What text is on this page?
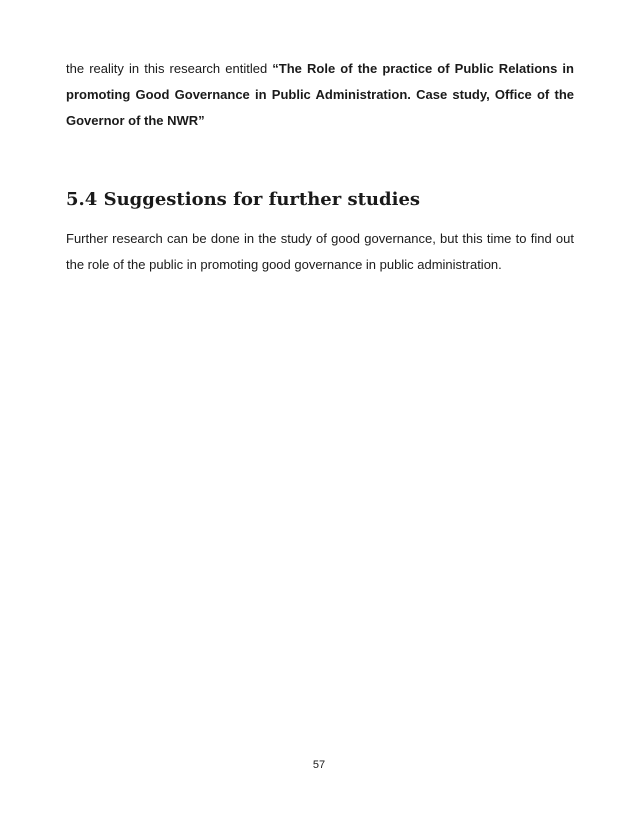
the reality in this research entitled “The Role of the practice of Public Relations in promoting Good Governance in Public Administration. Case study, Office of the Governor of the NWR”

5.4 Suggestions for further studies

Further research can be done in the study of good governance, but this time to find out the role of the public in promoting good governance in public administration.

57
